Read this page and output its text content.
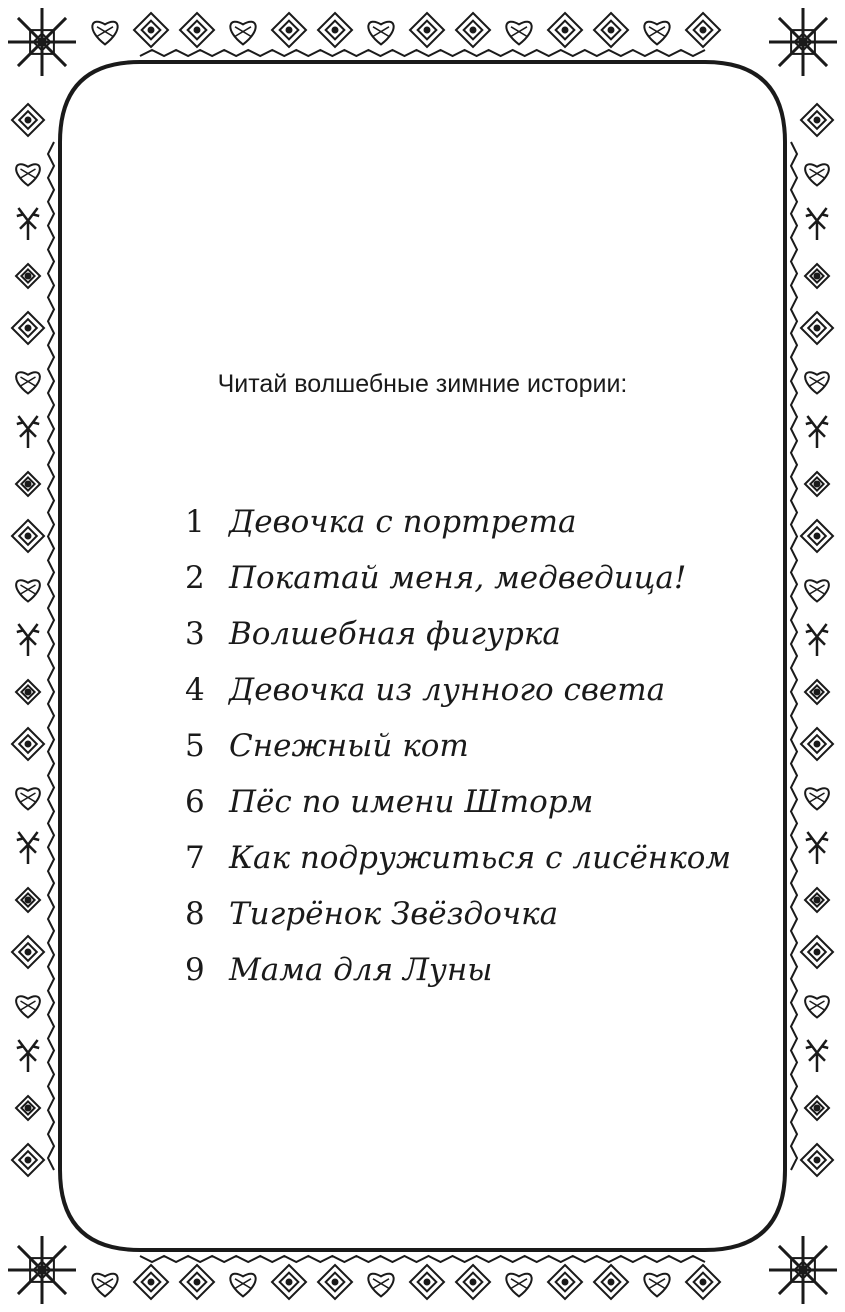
Читай волшебные зимние истории:
1 Девочка с портрета
2 Покатай меня, медведица!
3 Волшебная фигурка
4 Девочка из лунного света
5 Снежный кот
6 Пёс по имени Шторм
7 Как подружиться с лисёнком
8 Тигрёнок Звёздочка
9 Мама для Луны
